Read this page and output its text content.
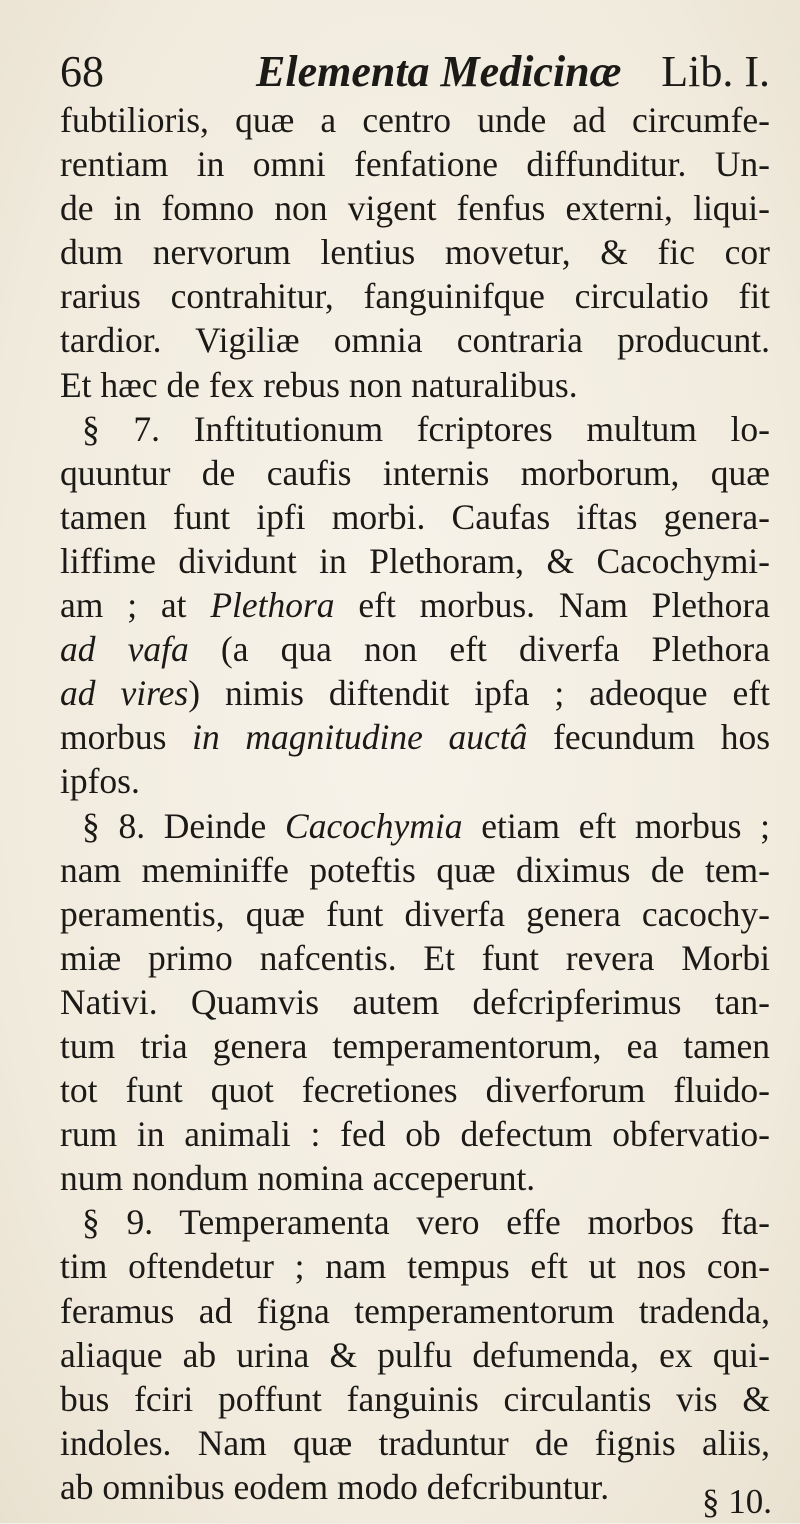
68	Elementa Medicinæ Lib. I.
fubtilioris, quæ a centro unde ad circumfe-
rentiam in omni fenfatione diffunditur. Un-
de in fomno non vigent fenfus externi, liqui-
dum nervorum lentius movetur, & fic cor
rarius contrahitur, fanguinifque circulatio fit
tardior. Vigiliæ omnia contraria producunt.
Et hæc de fex rebus non naturalibus.
§ 7. Inftitutionum fcriptores multum lo-
quuntur de caufis internis morborum, quæ
tamen funt ipfi morbi. Caufas iftas genera-
liffime dividunt in Plethoram, & Cacochymi-
am ; at Plethora eft morbus. Nam Plethora
ad vafa (a qua non eft diverfa Plethora
ad vires) nimis diftendit ipfa ; adeoque eft
morbus in magnitudine auctâ fecundum hos
ipfos.
§ 8. Deinde Cacochymia etiam eft morbus ;
nam meminiffe poteftis quæ diximus de tem-
peramentis, quæ funt diverfa genera cacochy-
miæ primo nafcentis. Et funt revera Morbi
Nativi. Quamvis autem defcripferimus tan-
tum tria genera temperamentorum, ea tamen
tot funt quot fecretiones diverforum fluido-
rum in animali : fed ob defectum obfervatio-
num nondum nomina acceperunt.
§ 9. Temperamenta vero effe morbos fta-
tim oftendetur ; nam tempus eft ut nos con-
feramus ad figna temperamentorum tradenda,
aliaque ab urina & pulfu defumenda, ex qui-
bus fciri poffunt fanguinis circulantis vis &
indoles. Nam quæ traduntur de fignis aliis,
ab omnibus eodem modo defcribuntur.	§ 10.
